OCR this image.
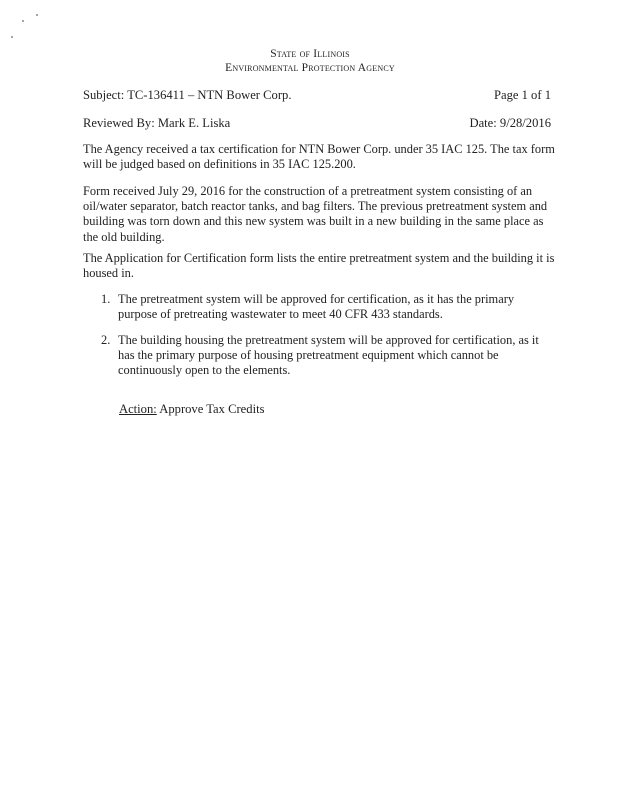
State of Illinois
Environmental Protection Agency
Subject: TC-136411 – NTN Bower Corp.	Page 1 of 1
Reviewed By: Mark E. Liska	Date: 9/28/2016

The Agency received a tax certification for NTN Bower Corp. under 35 IAC 125. The tax form will be judged based on definitions in 35 IAC 125.200.

Form received July 29, 2016 for the construction of a pretreatment system consisting of an oil/water separator, batch reactor tanks, and bag filters. The previous pretreatment system and building was torn down and this new system was built in a new building in the same place as the old building.

The Application for Certification form lists the entire pretreatment system and the building it is housed in.

1. The pretreatment system will be approved for certification, as it has the primary purpose of pretreating wastewater to meet 40 CFR 433 standards.
2. The building housing the pretreatment system will be approved for certification, as it has the primary purpose of housing pretreatment equipment which cannot be continuously open to the elements.
Action: Approve Tax Credits
